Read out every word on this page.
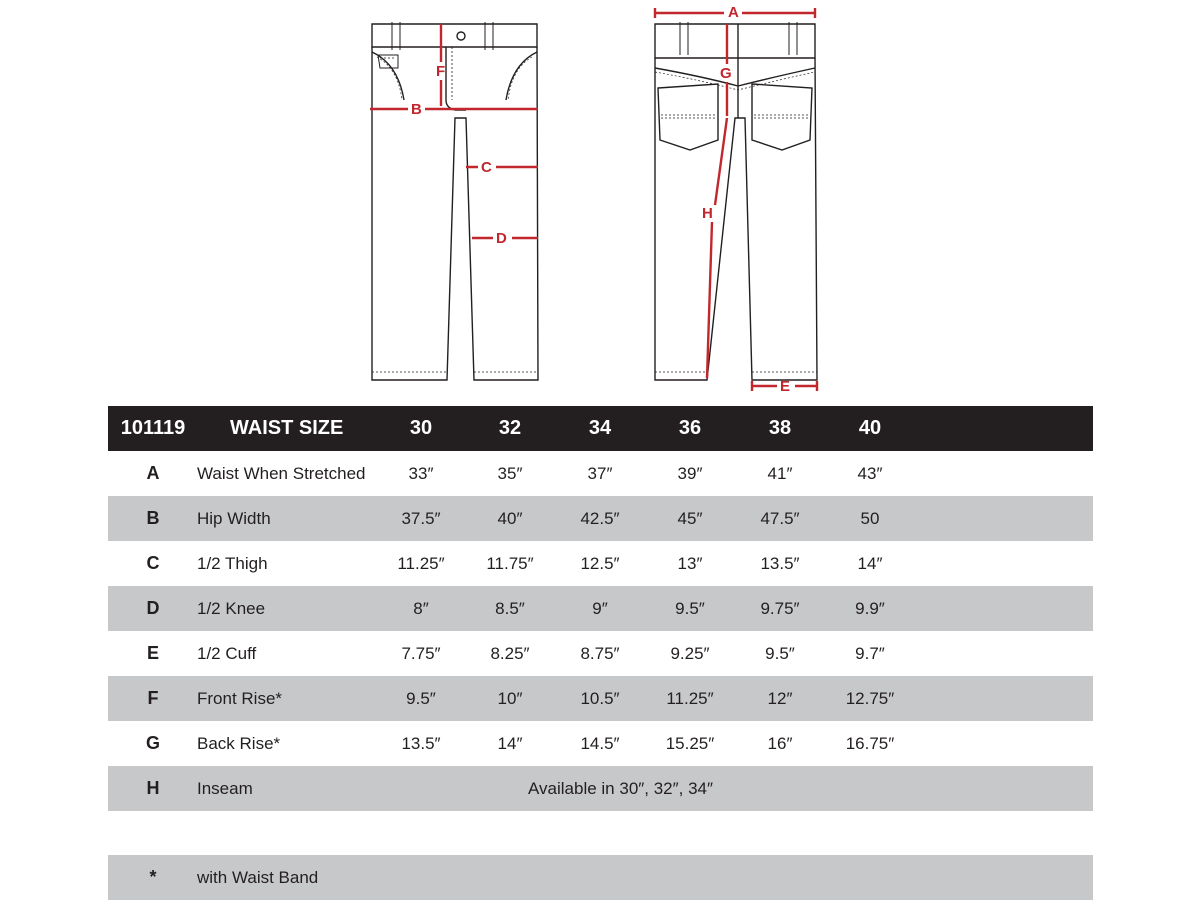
A
B
C
D
E
F	G
H
101119	WAIST SIZE	30	32	34	36	38	40
A	Waist When Stretched	33″	35″	37″	39″	41″	43″
B	Hip Width	37.5″	40″	42.5″	45″	47.5″	50
C	1/2 Thigh	11.25″	11.75″	12.5″	13″	13.5″	14″
D	1/2 Knee	8″	8.5″	9″	9.5″	9.75″	9.9″
E	1/2 Cuff	7.75″	8.25″	8.75″	9.25″	9.5″	9.7″
F	Front Rise*	9.5″	10″	10.5″	11.25″	12″	12.75″
G	Back Rise*	13.5″	14″	14.5″	15.25″	16″	16.75″
H	Inseam	Available in 30″, 32″, 34″
*	with Waist Band
